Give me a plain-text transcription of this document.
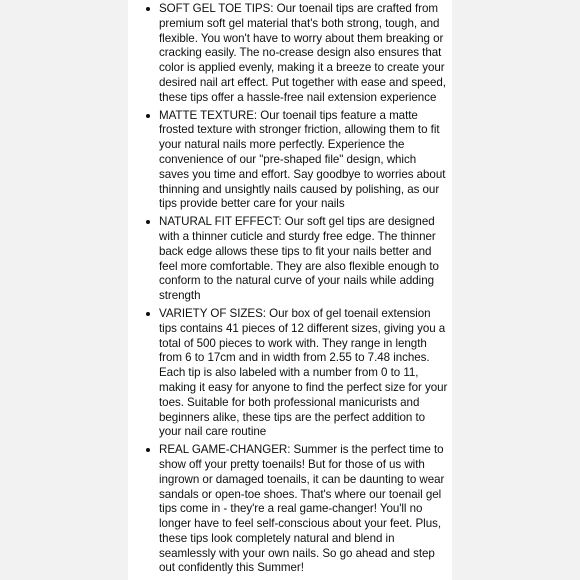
SOFT GEL TOE TIPS: Our toenail tips are crafted from premium soft gel material that's both strong, tough, and flexible. You won't have to worry about them breaking or cracking easily. The no-crease design also ensures that color is applied evenly, making it a breeze to create your desired nail art effect. Put together with ease and speed, these tips offer a hassle-free nail extension experience
MATTE TEXTURE: Our toenail tips feature a matte frosted texture with stronger friction, allowing them to fit your natural nails more perfectly. Experience the convenience of our "pre-shaped file" design, which saves you time and effort. Say goodbye to worries about thinning and unsightly nails caused by polishing, as our tips provide better care for your nails
NATURAL FIT EFFECT: Our soft gel tips are designed with a thinner cuticle and sturdy free edge. The thinner back edge allows these tips to fit your nails better and feel more comfortable. They are also flexible enough to conform to the natural curve of your nails while adding strength
VARIETY OF SIZES: Our box of gel toenail extension tips contains 41 pieces of 12 different sizes, giving you a total of 500 pieces to work with. They range in length from 6 to 17cm and in width from 2.55 to 7.48 inches. Each tip is also labeled with a number from 0 to 11, making it easy for anyone to find the perfect size for your toes. Suitable for both professional manicurists and beginners alike, these tips are the perfect addition to your nail care routine
REAL GAME-CHANGER: Summer is the perfect time to show off your pretty toenails! But for those of us with ingrown or damaged toenails, it can be daunting to wear sandals or open-toe shoes. That's where our toenail gel tips come in - they're a real game-changer! You'll no longer have to feel self-conscious about your feet. Plus, these tips look completely natural and blend in seamlessly with your own nails. So go ahead and step out confidently this Summer!
